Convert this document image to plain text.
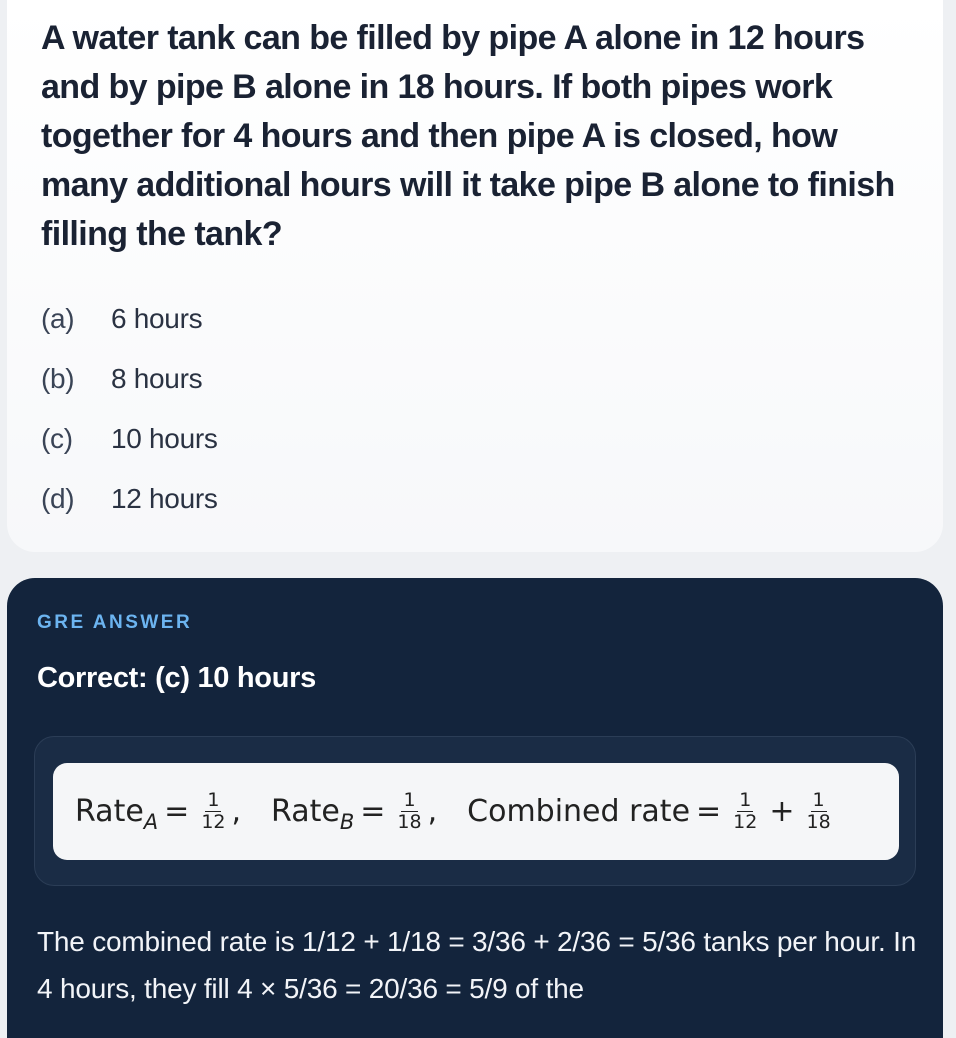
A water tank can be filled by pipe A alone in 12 hours and by pipe B alone in 18 hours. If both pipes work together for 4 hours and then pipe A is closed, how many additional hours will it take pipe B alone to finish filling the tank?
(a)	6 hours
(b)	8 hours
(c)	10 hours
(d)	12 hours
GRE ANSWER
Correct: (c) 10 hours
Rate$_A$ = $\frac{1}{12}$ , Rate$_B$ = $\frac{1}{18}$ , Combined rate = $\frac{1}{12} + \frac{1}{18}$
The combined rate is 1/12 + 1/18 = 3/36 + 2/36 = 5/36 tanks per hour. In 4 hours, they fill 4 × 5/36 = 20/36 = 5/9 of the
